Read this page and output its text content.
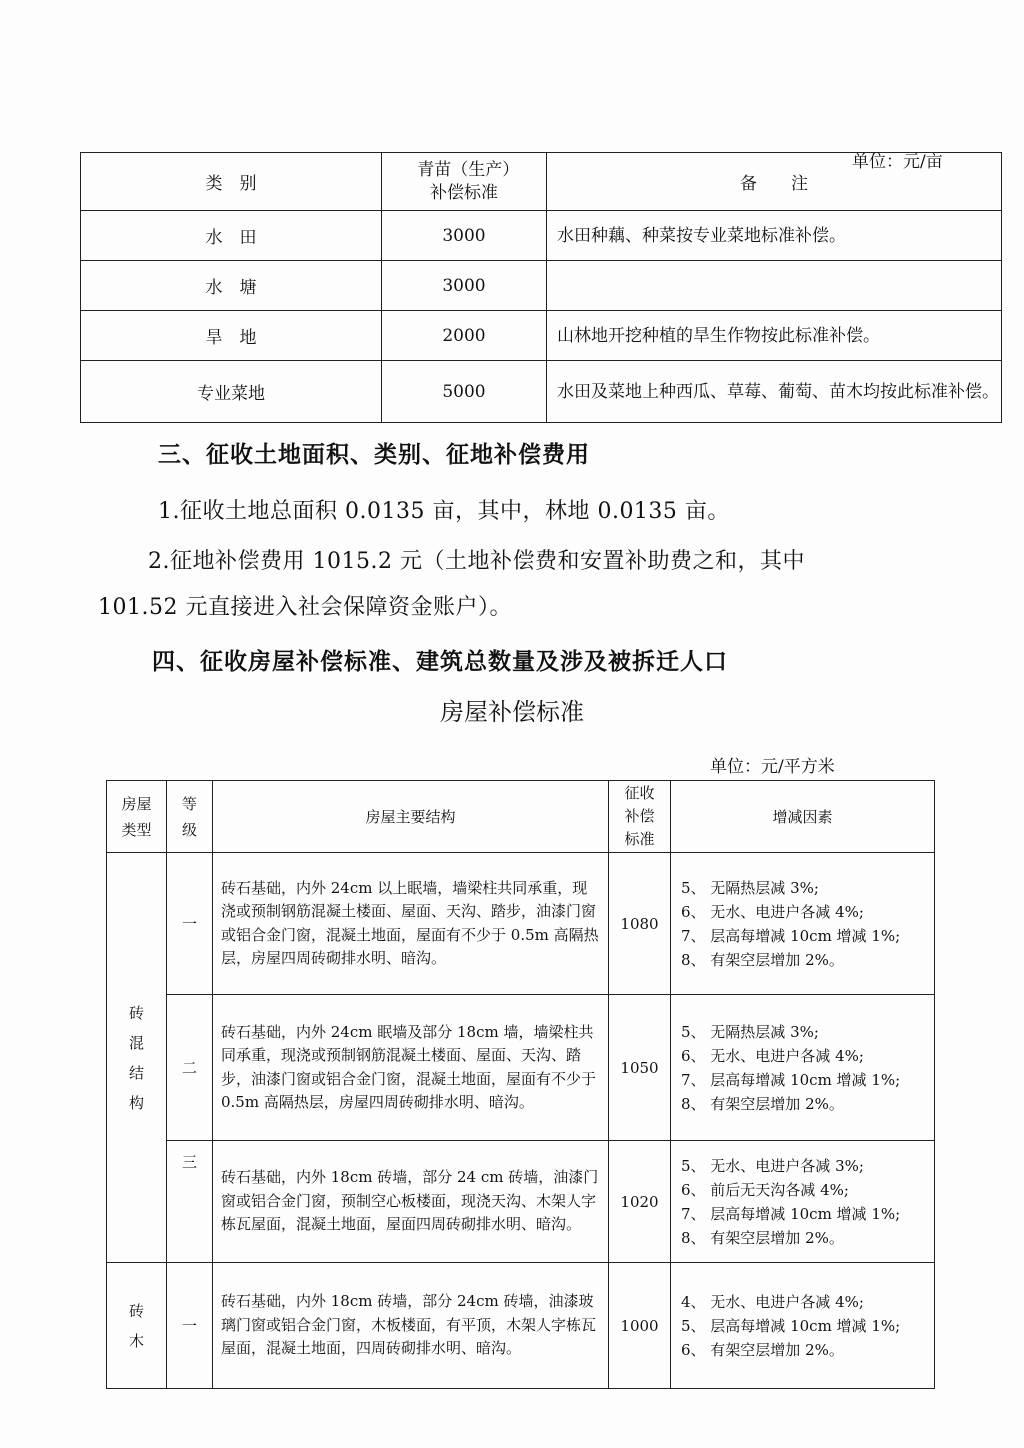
单位：元/亩
类　别	青苗（生产）补偿标准	备　　注
水　田	3000	水田种藕、种菜按专业菜地标准补偿。
水　塘	3000	
旱　地	2000	山林地开挖种植的旱生作物按此标准补偿。
专业菜地	5000	水田及菜地上种西瓜、草莓、葡萄、苗木均按此标准补偿。
三、征收土地面积、类别、征地补偿费用
1.征收土地总面积 0.0135 亩，其中，林地 0.0135 亩。
2.征地补偿费用 1015.2 元（土地补偿费和安置补助费之和，其中
101.52 元直接进入社会保障资金账户）。
四、征收房屋补偿标准、建筑总数量及涉及被拆迁人口
房屋补偿标准
单位：元/平方米
房屋类型	等级	房屋主要结构	征收补偿标准	增减因素
砖混结构	一	砖石基础，内外 24cm 以上眠墙，墙梁柱共同承重，现浇或预制钢筋混凝土楼面、屋面、天沟、踏步，油漆门窗或铝合金门窗，混凝土地面，屋面有不少于 0.5m 高隔热层，房屋四周砖砌排水明、暗沟。	1080	5、 无隔热层减 3%;
6、 无水、电进户各减 4%;
7、 层高每增减 10cm 增减 1%;
8、 有架空层增加 2%。

	二	砖石基础，内外 24cm 眠墙及部分 18cm 墙，墙梁柱共同承重，现浇或预制钢筋混凝土楼面、屋面、天沟、踏步，油漆门窗或铝合金门窗，混凝土地面，屋面有不少于 0.5m 高隔热层，房屋四周砖砌排水明、暗沟。	1050	5、 无隔热层减 3%;
6、 无水、电进户各减 4%;
7、 层高每增减 10cm 增减 1%;
8、 有架空层增加 2%。

	三	砖石基础，内外 18cm 砖墙，部分 24 cm 砖墙，油漆门窗或铝合金门窗，预制空心板楼面，现浇天沟、木架人字栋瓦屋面，混凝土地面，屋面四周砖砌排水明、暗沟。	1020	5、 无水、电进户各减 3%;
6、 前后无天沟各减 4%;
7、 层高每增减 10cm 增减 1%;
8、 有架空层增加 2%。

砖木	一	砖石基础，内外 18cm 砖墙，部分 24cm 砖墙，油漆玻璃门窗或铝合金门窗，木板楼面，有平顶，木架人字栋瓦屋面，混凝土地面，四周砖砌排水明、暗沟。	1000	4、 无水、电进户各减 4%;
5、 层高每增减 10cm 增减 1%;
6、 有架空层增加 2%。
